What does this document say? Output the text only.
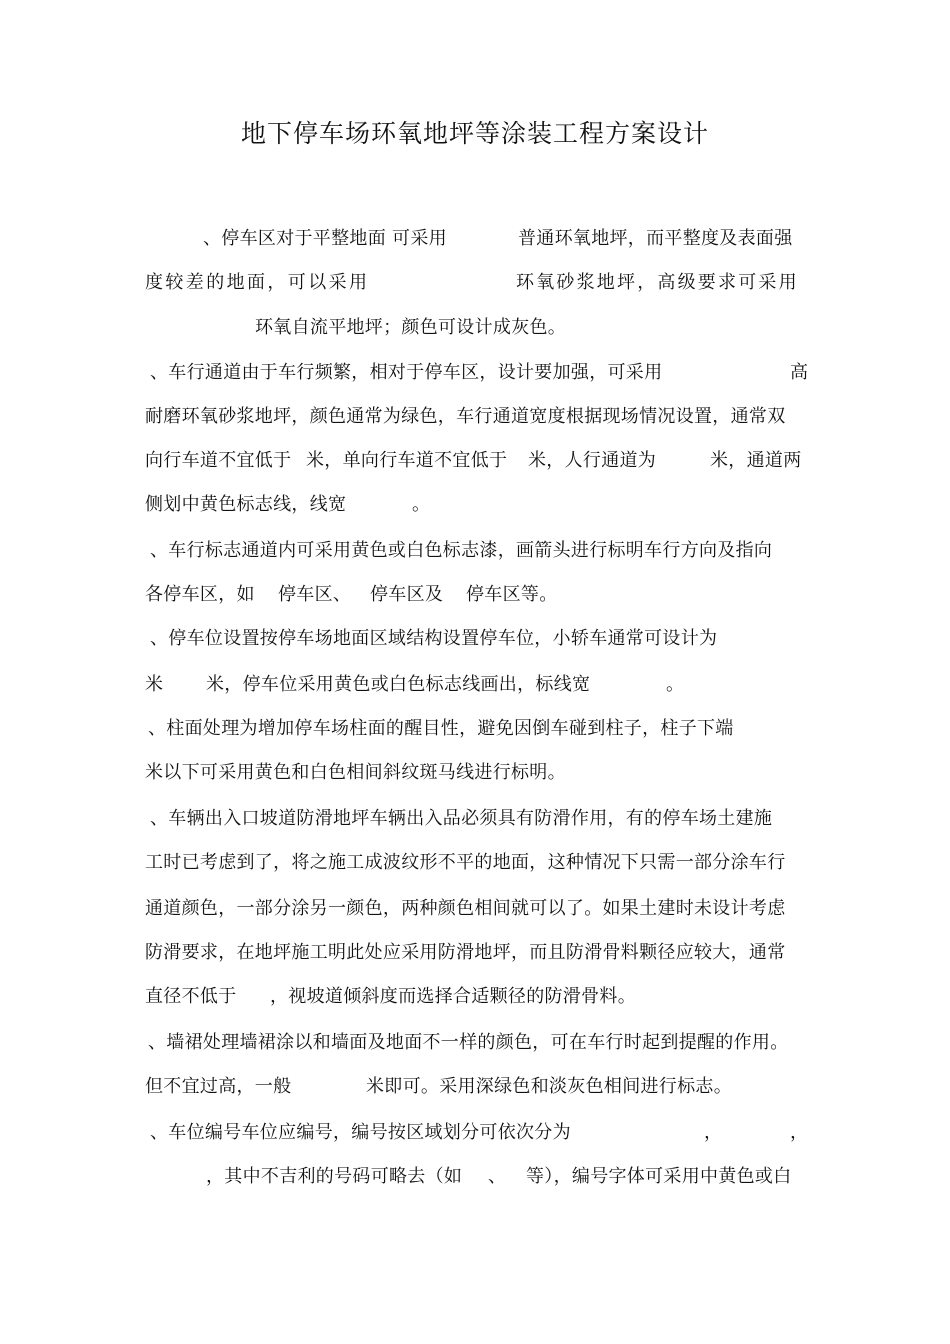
地下停车场环氧地坪等涂装工程方案设计
、停车区对于平整地面 可采用	普通环氧地坪，而平整度及表面强
度较差的地面，可以采用	环氧砂浆地坪，高级要求可采用
环氧自流平地坪；颜色可设计成灰色。
、车行通道由于车行频繁，相对于停车区，设计要加强，可采用	高
耐磨环氧砂浆地坪，颜色通常为绿色，车行通道宽度根据现场情况设置，通常双
向行车道不宜低于 米，单向行车道不宜低于 米，人行通道为	米，通道两
侧划中黄色标志线，线宽	。
、车行标志通道内可采用黄色或白色标志漆，画箭头进行标明车行方向及指向
各停车区，如 停车区、 停车区及 停车区等。
、停车位设置按停车场地面区域结构设置停车位，小轿车通常可设计为
米 米，停车位采用黄色或白色标志线画出，标线宽	。
、柱面处理为增加停车场柱面的醒目性，避免因倒车碰到柱子，柱子下端
米以下可采用黄色和白色相间斜纹斑马线进行标明。
、车辆出入口坡道防滑地坪车辆出入品必须具有防滑作用，有的停车场土建施
工时已考虑到了，将之施工成波纹形不平的地面，这种情况下只需一部分涂车行
通道颜色，一部分涂另一颜色，两种颜色相间就可以了。如果土建时未设计考虑
防滑要求，在地坪施工明此处应采用防滑地坪，而且防滑骨料颗径应较大，通常
直径不低于 ，视坡道倾斜度而选择合适颗径的防滑骨料。
、墙裙处理墙裙涂以和墙面及地面不一样的颜色，可在车行时起到提醒的作用。
但不宜过高，一般	米即可。采用深绿色和淡灰色相间进行标志。
、车位编号车位应编号，编号按区域划分可依次分为	，	，
，其中不吉利的号码可略去（如 、 等），编号字体可采用中黄色或白
